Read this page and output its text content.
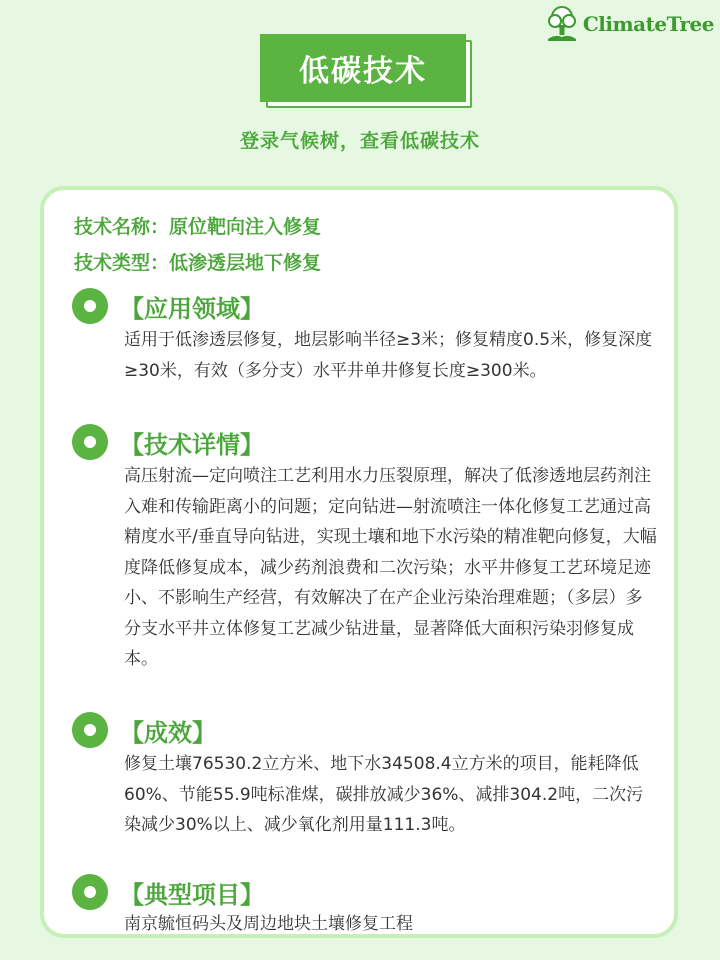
ClimateTree
低碳技术
登录气候树，查看低碳技术
技术名称：原位靶向注入修复
技术类型：低渗透层地下修复
【应用领域】
适用于低渗透层修复，地层影响半径≥3米；修复精度0.5米，修复深度≥30米，有效（多分支）水平井单井修复长度≥300米。
【技术详情】
高压射流—定向喷注工艺利用水力压裂原理，解决了低渗透地层药剂注入难和传输距离小的问题；定向钻进—射流喷注一体化修复工艺通过高精度水平/垂直导向钻进，实现土壤和地下水污染的精准靶向修复，大幅度降低修复成本，减少药剂浪费和二次污染；水平井修复工艺环境足迹小、不影响生产经营，有效解决了在产企业污染治理难题；（多层）多分支水平井立体修复工艺减少钻进量，显著降低大面积污染羽修复成本。
【成效】
修复土壤76530.2立方米、地下水34508.4立方米的项目，能耗降低60%、节能55.9吨标准煤，碳排放减少36%、减排304.2吨，二次污染减少30%以上、减少氧化剂用量111.3吨。
【典型项目】
南京毓恒码头及周边地块土壤修复工程
